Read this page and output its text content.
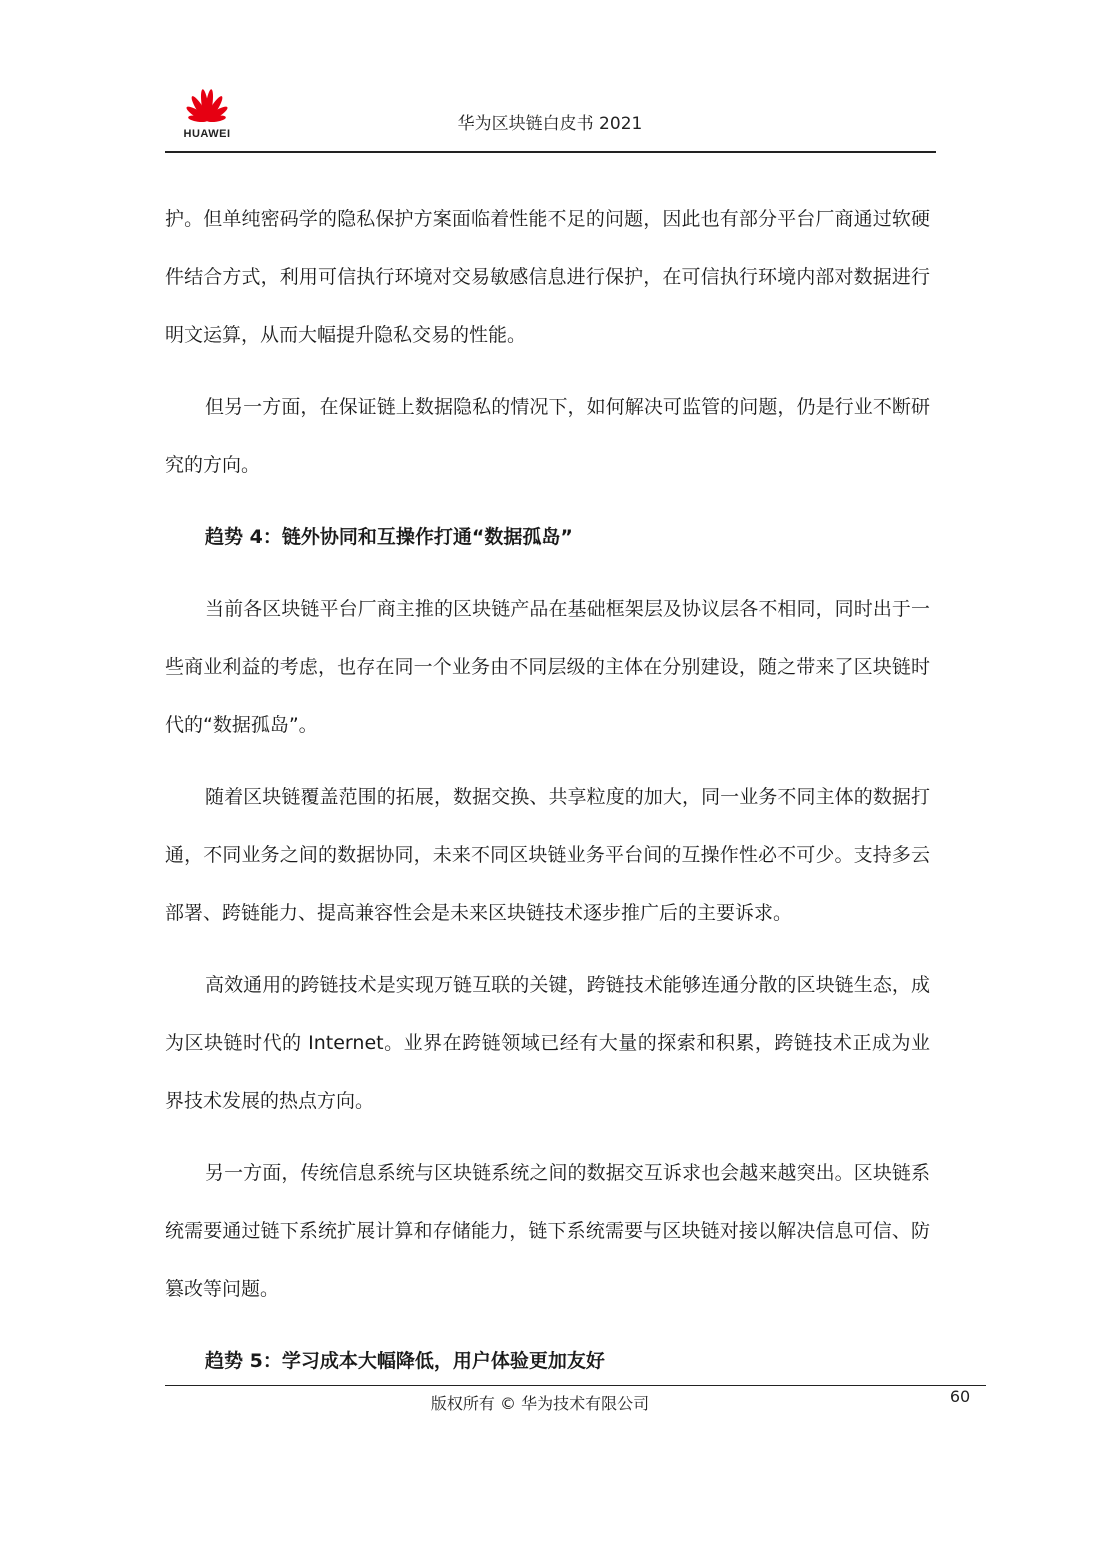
HUAWEI	华为区块链白皮书 2021

护。但单纯密码学的隐私保护方案面临着性能不足的问题，因此也有部分平台厂商通过软硬件结合方式，利用可信执行环境对交易敏感信息进行保护，在可信执行环境内部对数据进行明文运算，从而大幅提升隐私交易的性能。

但另一方面，在保证链上数据隐私的情况下，如何解决可监管的问题，仍是行业不断研究的方向。

趋势 4：链外协同和互操作打通“数据孤岛”

当前各区块链平台厂商主推的区块链产品在基础框架层及协议层各不相同，同时出于一些商业利益的考虑，也存在同一个业务由不同层级的主体在分别建设，随之带来了区块链时代的“数据孤岛”。

随着区块链覆盖范围的拓展，数据交换、共享粒度的加大，同一业务不同主体的数据打通，不同业务之间的数据协同，未来不同区块链业务平台间的互操作性必不可少。支持多云部署、跨链能力、提高兼容性会是未来区块链技术逐步推广后的主要诉求。

高效通用的跨链技术是实现万链互联的关键，跨链技术能够连通分散的区块链生态，成为区块链时代的 Internet。业界在跨链领域已经有大量的探索和积累，跨链技术正成为业界技术发展的热点方向。

另一方面，传统信息系统与区块链系统之间的数据交互诉求也会越来越突出。区块链系统需要通过链下系统扩展计算和存储能力，链下系统需要与区块链对接以解决信息可信、防篡改等问题。

趋势 5：学习成本大幅降低，用户体验更加友好

版权所有 © 华为技术有限公司	60
